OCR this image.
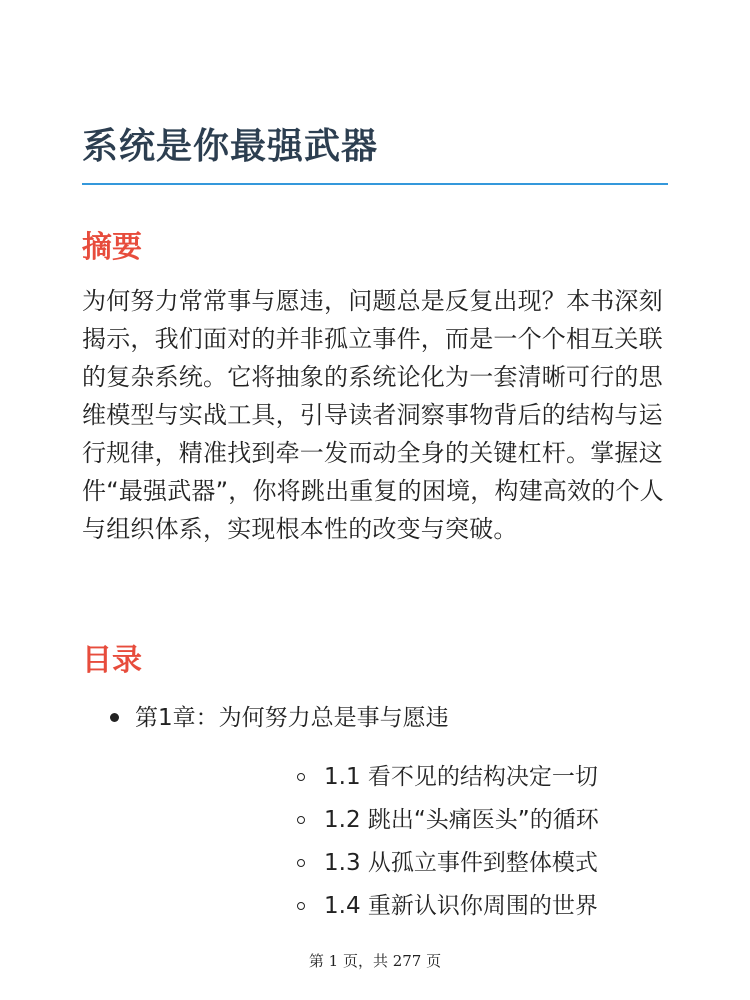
系统是你最强武器
摘要

为何努力常常事与愿违，问题总是反复出现？本书深刻揭示，我们面对的并非孤立事件，而是一个个相互关联的复杂系统。它将抽象的系统论化为一套清晰可行的思维模型与实战工具，引导读者洞察事物背后的结构与运行规律，精准找到牵一发而动全身的关键杠杆。掌握这件“最强武器”，你将跳出重复的困境，构建高效的个人与组织体系，实现根本性的改变与突破。

目录
第1章：为何努力总是事与愿违
1.1 看不见的结构决定一切
1.2 跳出“头痛医头”的循环
1.3 从孤立事件到整体模式
1.4 重新认识你周围的世界
第 1 页，共 277 页
